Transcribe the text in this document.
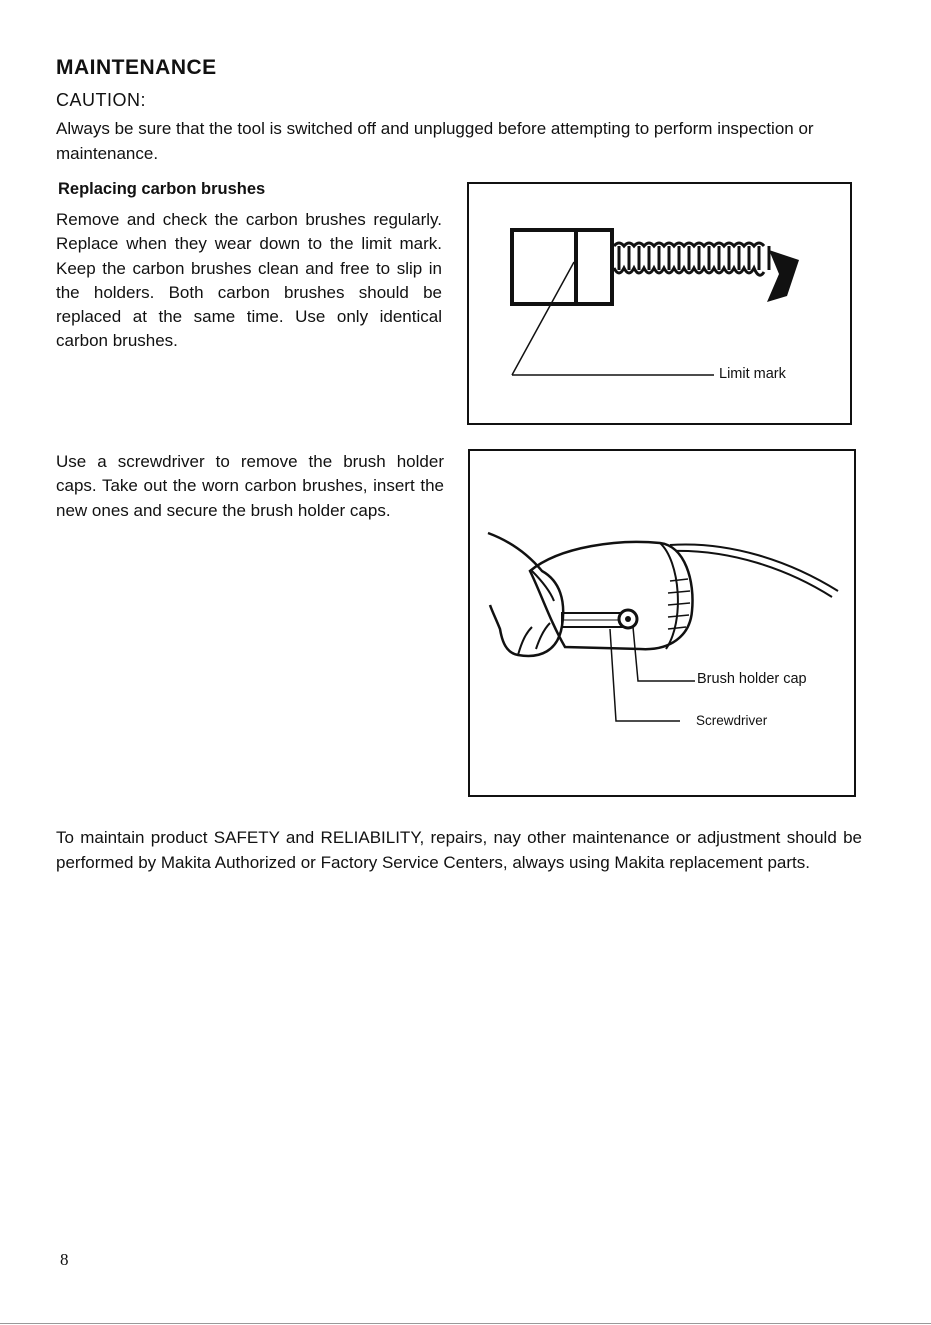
MAINTENANCE
CAUTION:
Always be sure that the tool is switched off and unplugged before attempting to perform inspection or maintenance.
Replacing carbon brushes
Remove and check the carbon brushes regularly. Replace when they wear down to the limit mark. Keep the carbon brushes clean and free to slip in the holders. Both carbon brushes should be replaced at the same time. Use only identical carbon brushes.
Use a screwdriver to remove the brush holder caps. Take out the worn carbon brushes, insert the new ones and secure the brush holder caps.
Limit mark
Brush holder cap
Screwdriver
To maintain product SAFETY and RELIABILITY, repairs, nay other maintenance or adjustment should be performed by Makita Authorized or Factory Service Centers, always using Makita replacement parts.
8
